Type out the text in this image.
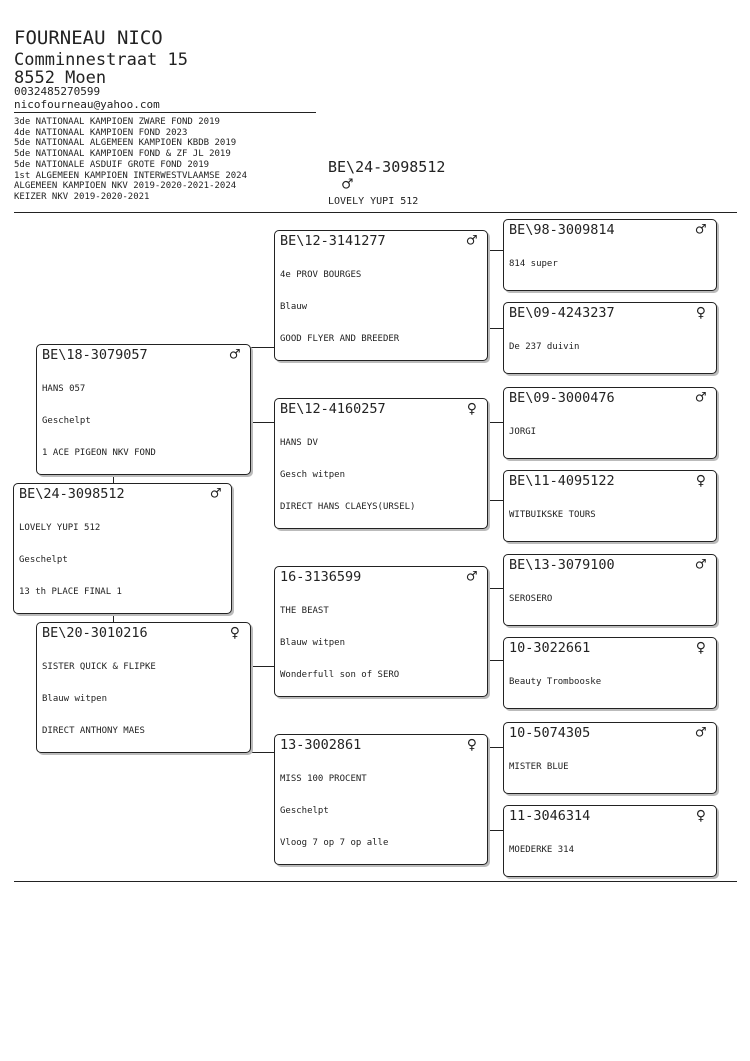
FOURNEAU NICO
Comminnestraat 15
8552 Moen
0032485270599
nicofourneau@yahoo.com
3de NATIONAAL KAMPIOEN ZWARE FOND 2019
4de NATIONAAL KAMPIOEN FOND 2023
5de NATIONAAL ALGEMEEN KAMPIOEN KBDB 2019
5de NATIONAAL KAMPIOEN FOND & ZF JL 2019
5de NATIONALE ASDUIF GROTE FOND 2019
1st ALGEMEEN KAMPIOEN INTERWESTVLAAMSE 2024
ALGEMEEN KAMPIOEN NKV 2019-2020-2021-2024
KEIZER NKV 2019-2020-2021
BE\24-3098512
♂
LOVELY YUPI 512
BE\24-3098512	♂

LOVELY YUPI 512

Geschelpt

13 th PLACE FINAL 1

BE\18-3079057	♂

HANS 057

Geschelpt

1 ACE PIGEON NKV FOND

BE\20-3010216	♀

SISTER QUICK & FLIPKE

Blauw witpen

DIRECT ANTHONY MAES

BE\12-3141277	♂

4e PROV BOURGES

Blauw

GOOD FLYER AND BREEDER

BE\12-4160257	♀

HANS DV

Gesch witpen

DIRECT HANS CLAEYS(URSEL)

16-3136599	♂

THE BEAST

Blauw witpen

Wonderfull son of SERO

13-3002861	♀

MISS 100 PROCENT

Geschelpt

Vloog 7 op 7 op alle

BE\98-3009814	♂

814 super

BE\09-4243237	♀

De 237 duivin

BE\09-3000476	♂

JORGI

BE\11-4095122	♀

WITBUIKSKE TOURS

BE\13-3079100	♂

SEROSERO

10-3022661	♀

Beauty Trombooske

10-5074305	♂

MISTER BLUE

11-3046314	♀

MOEDERKE 314
